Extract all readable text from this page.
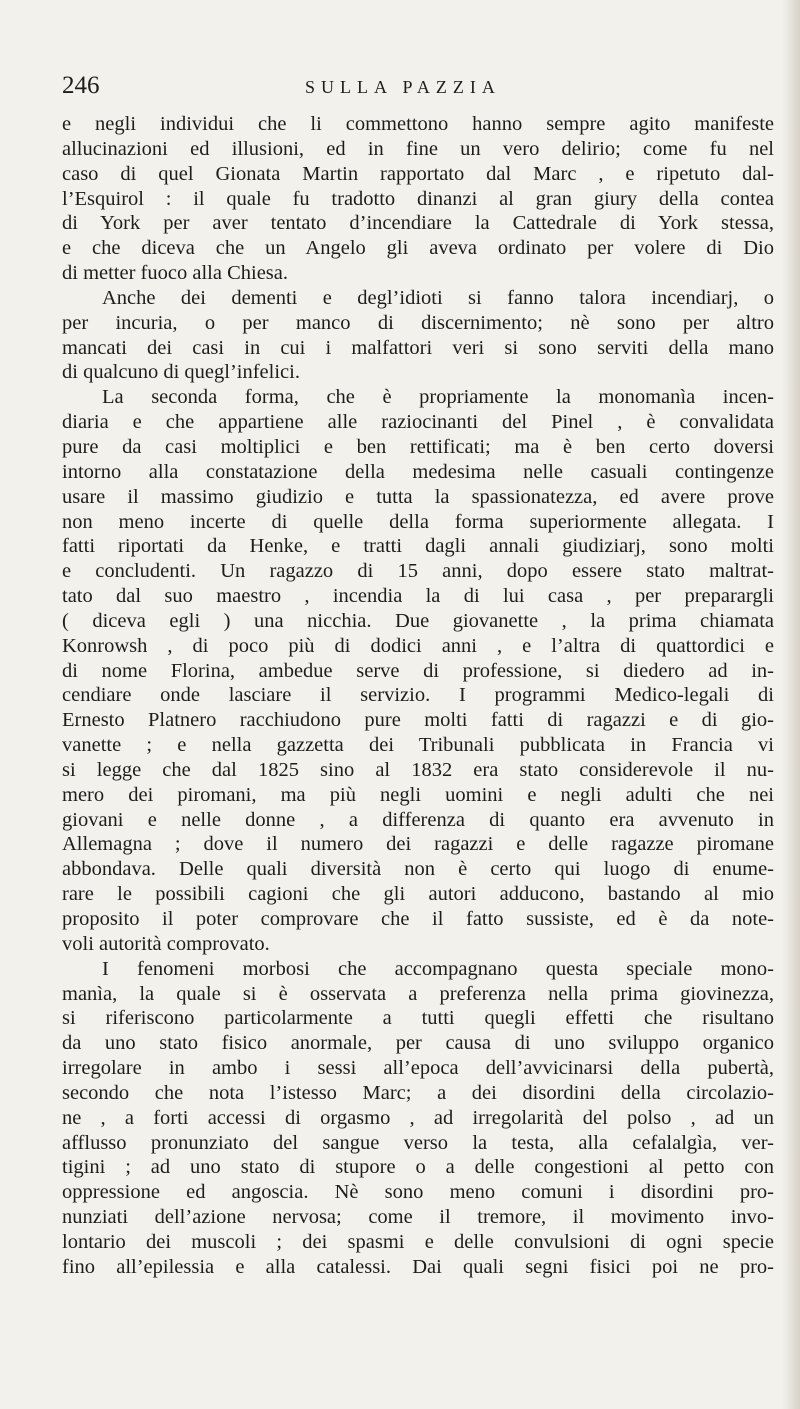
246	SULLA PAZZIA
e negli individui che li commettono hanno sempre agito manifeste
allucinazioni ed illusioni, ed in fine un vero delirio; come fu nel
caso di quel Gionata Martin rapportato dal Marc , e ripetuto dal-
l’Esquirol : il quale fu tradotto dinanzi al gran giury della contea
di York per aver tentato d’incendiare la Cattedrale di York stessa,
e che diceva che un Angelo gli aveva ordinato per volere di Dio
di metter fuoco alla Chiesa.
Anche dei dementi e degl’idioti si fanno talora incendiarj, o
per incuria, o per manco di discernimento; nè sono per altro
mancati dei casi in cui i malfattori veri si sono serviti della mano
di qualcuno di quegl’infelici.
La seconda forma, che è propriamente la monomanìa incen-
diaria e che appartiene alle raziocinanti del Pinel , è convalidata
pure da casi moltiplici e ben rettificati; ma è ben certo doversi
intorno alla constatazione della medesima nelle casuali contingenze
usare il massimo giudizio e tutta la spassionatezza, ed avere prove
non meno incerte di quelle della forma superiormente allegata. I
fatti riportati da Henke, e tratti dagli annali giudiziarj, sono molti
e concludenti. Un ragazzo di 15 anni, dopo essere stato maltrat-
tato dal suo maestro , incendia la di lui casa , per preparargli
( diceva egli ) una nicchia. Due giovanette , la prima chiamata
Konrowsh , di poco più di dodici anni , e l’altra di quattordici e
di nome Florina, ambedue serve di professione, si diedero ad in-
cendiare onde lasciare il servizio. I programmi Medico-legali di
Ernesto Platnero racchiudono pure molti fatti di ragazzi e di gio-
vanette ; e nella gazzetta dei Tribunali pubblicata in Francia vi
si legge che dal 1825 sino al 1832 era stato considerevole il nu-
mero dei piromani, ma più negli uomini e negli adulti che nei
giovani e nelle donne , a differenza di quanto era avvenuto in
Allemagna ; dove il numero dei ragazzi e delle ragazze piromane
abbondava. Delle quali diversità non è certo qui luogo di enume-
rare le possibili cagioni che gli autori adducono, bastando al mio
proposito il poter comprovare che il fatto sussiste, ed è da note-
voli autorità comprovato.
I fenomeni morbosi che accompagnano questa speciale mono-
manìa, la quale si è osservata a preferenza nella prima giovinezza,
si riferiscono particolarmente a tutti quegli effetti che risultano
da uno stato fisico anormale, per causa di uno sviluppo organico
irregolare in ambo i sessi all’epoca dell’avvicinarsi della pubertà,
secondo che nota l’istesso Marc; a dei disordini della circolazio-
ne , a forti accessi di orgasmo , ad irregolarità del polso , ad un
afflusso pronunziato del sangue verso la testa, alla cefalalgìa, ver-
tigini ; ad uno stato di stupore o a delle congestioni al petto con
oppressione ed angoscia. Nè sono meno comuni i disordini pro-
nunziati dell’azione nervosa; come il tremore, il movimento invo-
lontario dei muscoli ; dei spasmi e delle convulsioni di ogni specie
fino all’epilessia e alla catalessi. Dai quali segni fisici poi ne pro-
